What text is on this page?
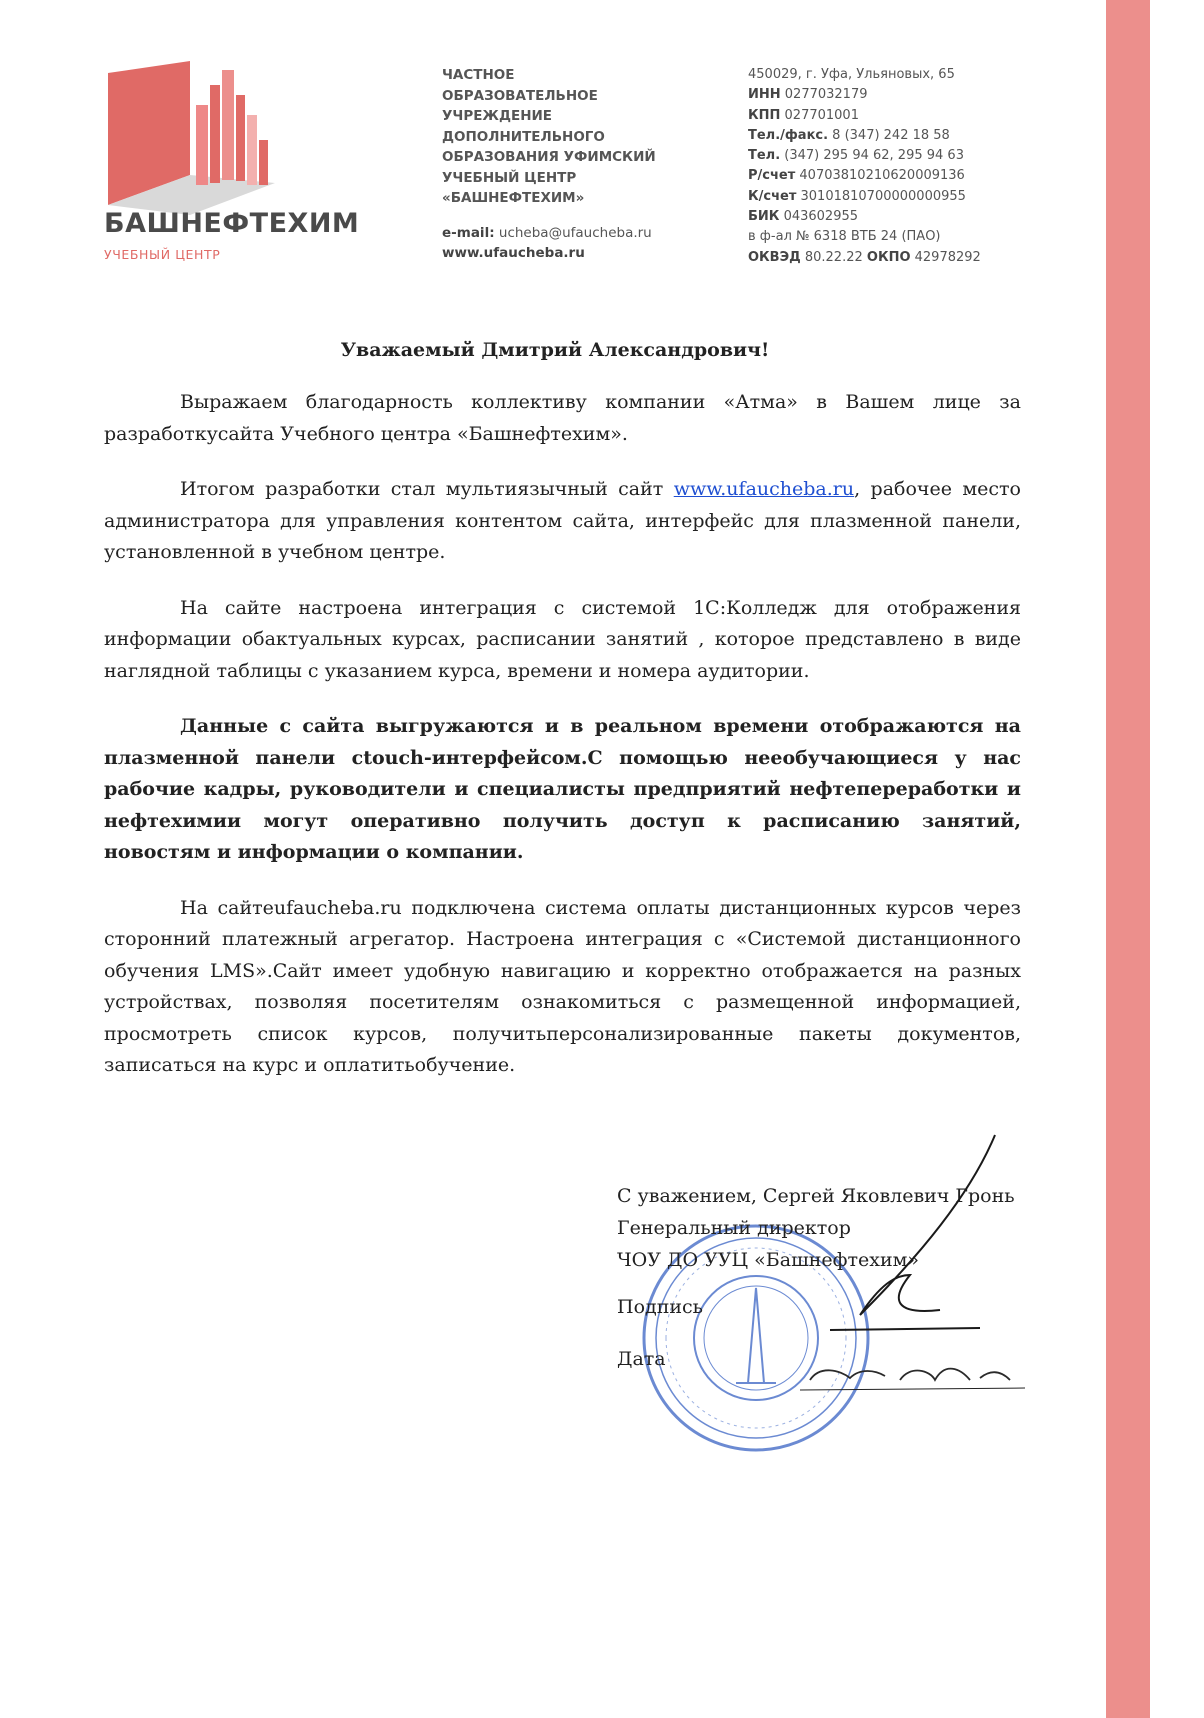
БАШНЕФТЕХИМ
УЧЕБНЫЙ ЦЕНТР
ЧАСТНОЕ
ОБРАЗОВАТЕЛЬНОЕ
УЧРЕЖДЕНИЕ
ДОПОЛНИТЕЛЬНОГО
ОБРАЗОВАНИЯ УФИМСКИЙ
УЧЕБНЫЙ ЦЕНТР
«БАШНЕФТЕХИМ»
e-mail: ucheba@ufaucheba.ru
www.ufaucheba.ru
450029, г. Уфа, Ульяновых, 65
ИНН 0277032179
КПП 027701001
Тел./факс. 8 (347) 242 18 58
Тел. (347) 295 94 62, 295 94 63
Р/счет 40703810210620009136
К/счет 30101810700000000955
БИК 043602955
в ф-ал № 6318 ВТБ 24 (ПАО)
ОКВЭД 80.22.22 ОКПО 42978292
Уважаемый Дмитрий Александрович!

Выражаем благодарность коллективу компании «Атма» в Вашем лице за разработкусайта Учебного центра «Башнефтехим».

Итогом разработки стал мультиязычный сайт www.ufaucheba.ru, рабочее место администратора для управления контентом сайта, интерфейс для плазменной панели, установленной в учебном центре.

На сайте настроена интеграция с системой 1С:Колледж для отображения информации обактуальных курсах, расписании занятий , которое представлено в виде наглядной таблицы с указанием курса, времени и номера аудитории.

Данные с сайта выгружаются и в реальном времени отображаются на плазменной панели ctouch-интерфейсом.С помощью нееобучающиеся у нас рабочие кадры, руководители и специалисты предприятий нефтепереработки и нефтехимии могут оперативно получить доступ к расписанию занятий, новостям и информации о компании.

На сайтеufaucheba.ru подключена система оплаты дистанционных курсов через сторонний платежный агрегатор. Настроена интеграция с «Системой дистанционного обучения LMS».Сайт имеет удобную навигацию и корректно отображается на разных устройствах, позволяя посетителям ознакомиться с размещенной информацией, просмотреть список курсов, получитьперсонализированные пакеты документов, записаться на курс и оплатитьобучение.

С уважением, Сергей Яковлевич Гронь
Генеральный директор
ЧОУ ДО УУЦ «Башнефтехим»
Подпись
Дата
